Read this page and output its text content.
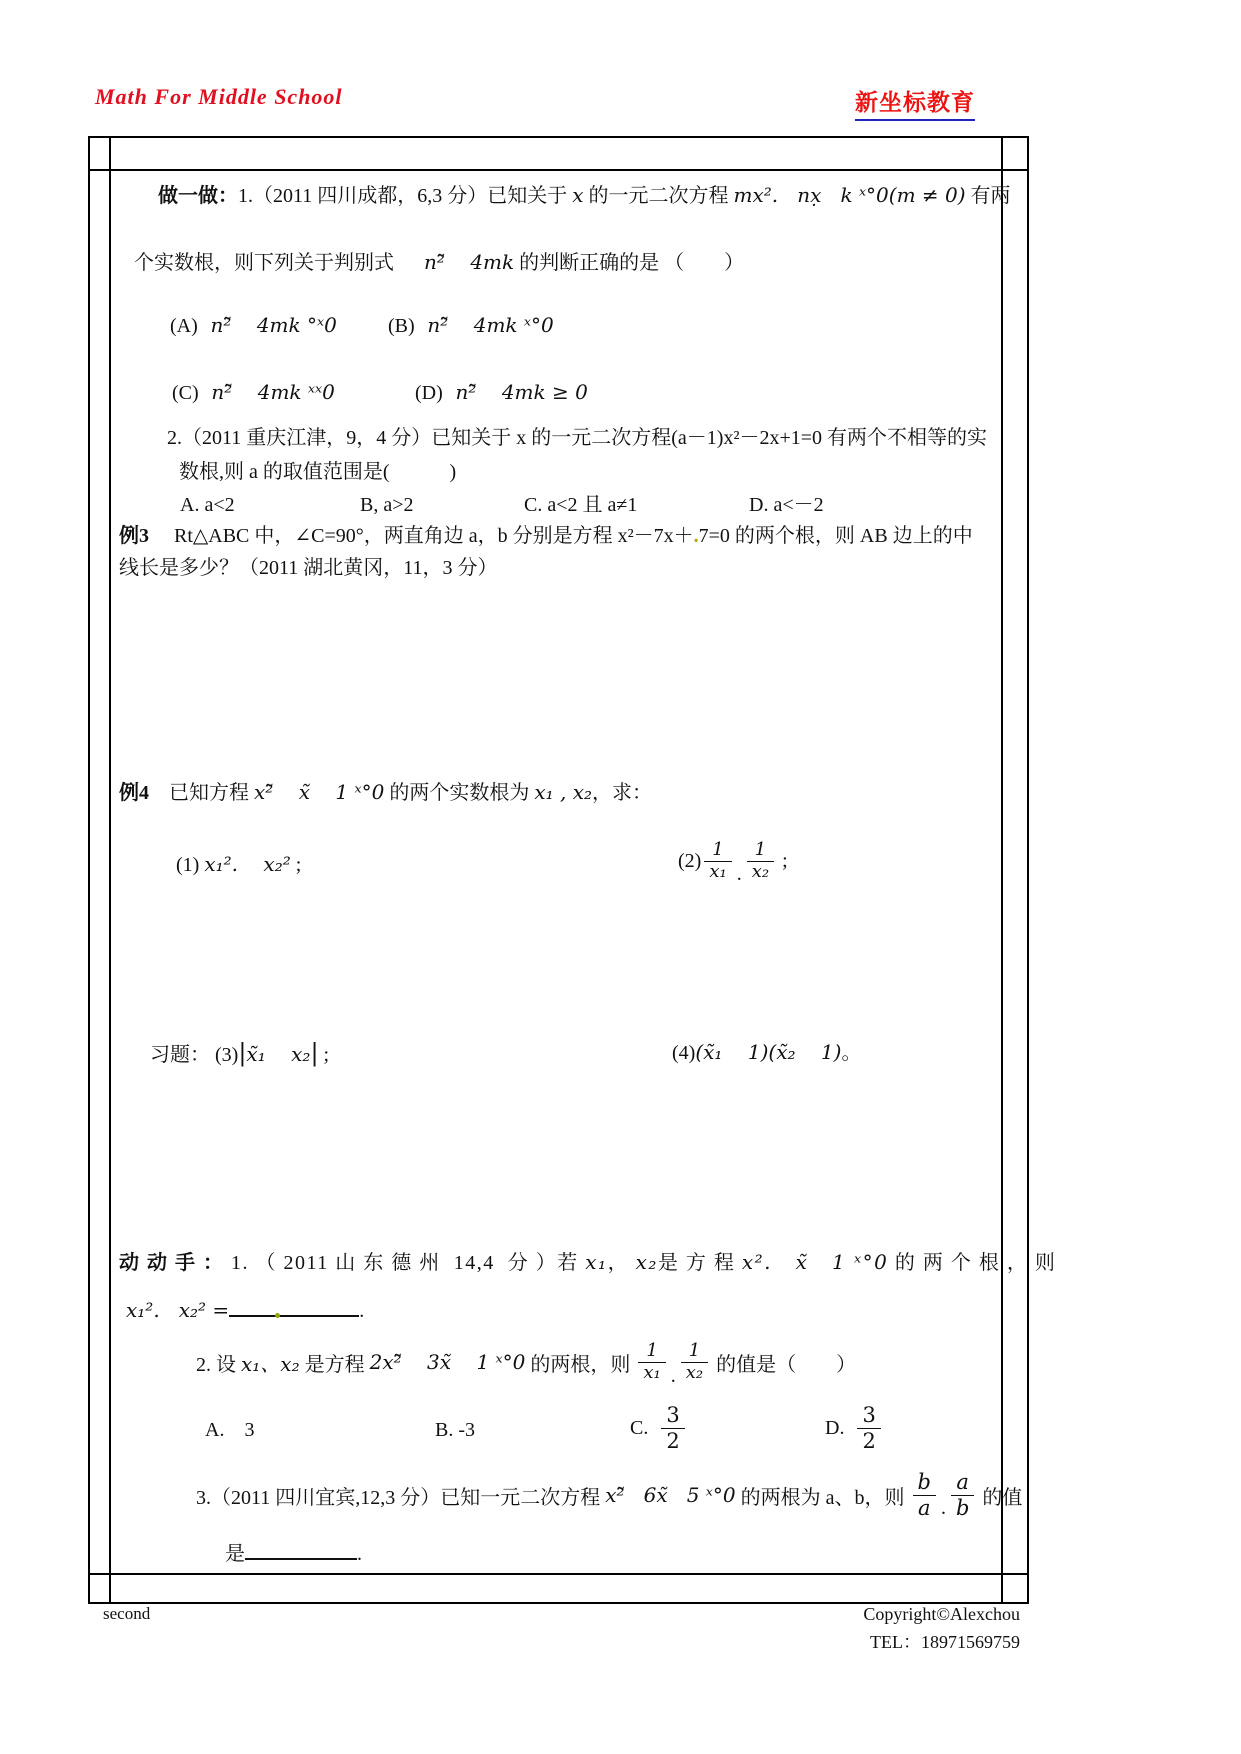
Math For Middle School	新坐标教育
做一做：1.（2011 四川成都，6,3 分）已知关于 x 的一元二次方程 mx².   nx̣   k ˣ°0(m ≠ 0) 有两
个实数根，则下列关于判别式      n²̃    4mk 的判断正确的是 （　　）
(A) n²̃    4mk °ˣ0	(B) n²̃    4mk ˣ°0
(C) n²̃    4mk ˣˣ0	(D) n²̃    4mk ≥ 0
2.（2011 重庆江津，9，4 分）已知关于 x 的一元二次方程(a－1)x²－2x+1=0 有两个不相等的实
数根,则 a 的取值范围是(　　　)
A. a<2	B, a>2	C. a<2 且 a≠1	D. a<－2
例3　 Rt△ABC 中，∠C=90°，两直角边 a，b 分别是方程 x²－7x＋.7=0 的两个根，则 AB 边上的中
线长是多少？（2011 湖北黄冈，11，3 分）
例4　 已知方程 x²̃    x̃    1 ˣ°0 的两个实数根为 x₁ , x₂，求：
(1) x₁².    x₂² ;	$(2) \frac{1}{\text{x₁}}$ . $\frac{1}{\text{x₂}}$ ;
习题： (3)|x̃₁    x₂| ;	(4)(x̃₁    1)(x̃₂    1)。
动 动 手 ： 1. （ 2011 山 东 德 州  14,4  分 ）若 x₁， x₂是 方 程 x².   x̃   1 ˣ°0 的 两 个 根 ， 则
x₁².   x₂² =	.
2. 设 x₁、x₂ 是方程 2x²̃    3x̃    1 ˣ°0 的两根，则 $\frac{1}{\text{x₁}}$ . $\frac{1}{\text{x₂}}$ 的值是（　　）
A.　3	B. -3	C.
$\frac{3}{2}$	D.
$\frac{3}{2}$
3.（2011 四川宜宾,12,3 分）已知一元二次方程 x²̃   6x̃   5 ˣ°0 的两根为 a、b，则 $\frac{b}{a}$ . $\frac{a}{b}$ 的值
是	.
second	Copyright©Alexchou
TEL：18971569759
